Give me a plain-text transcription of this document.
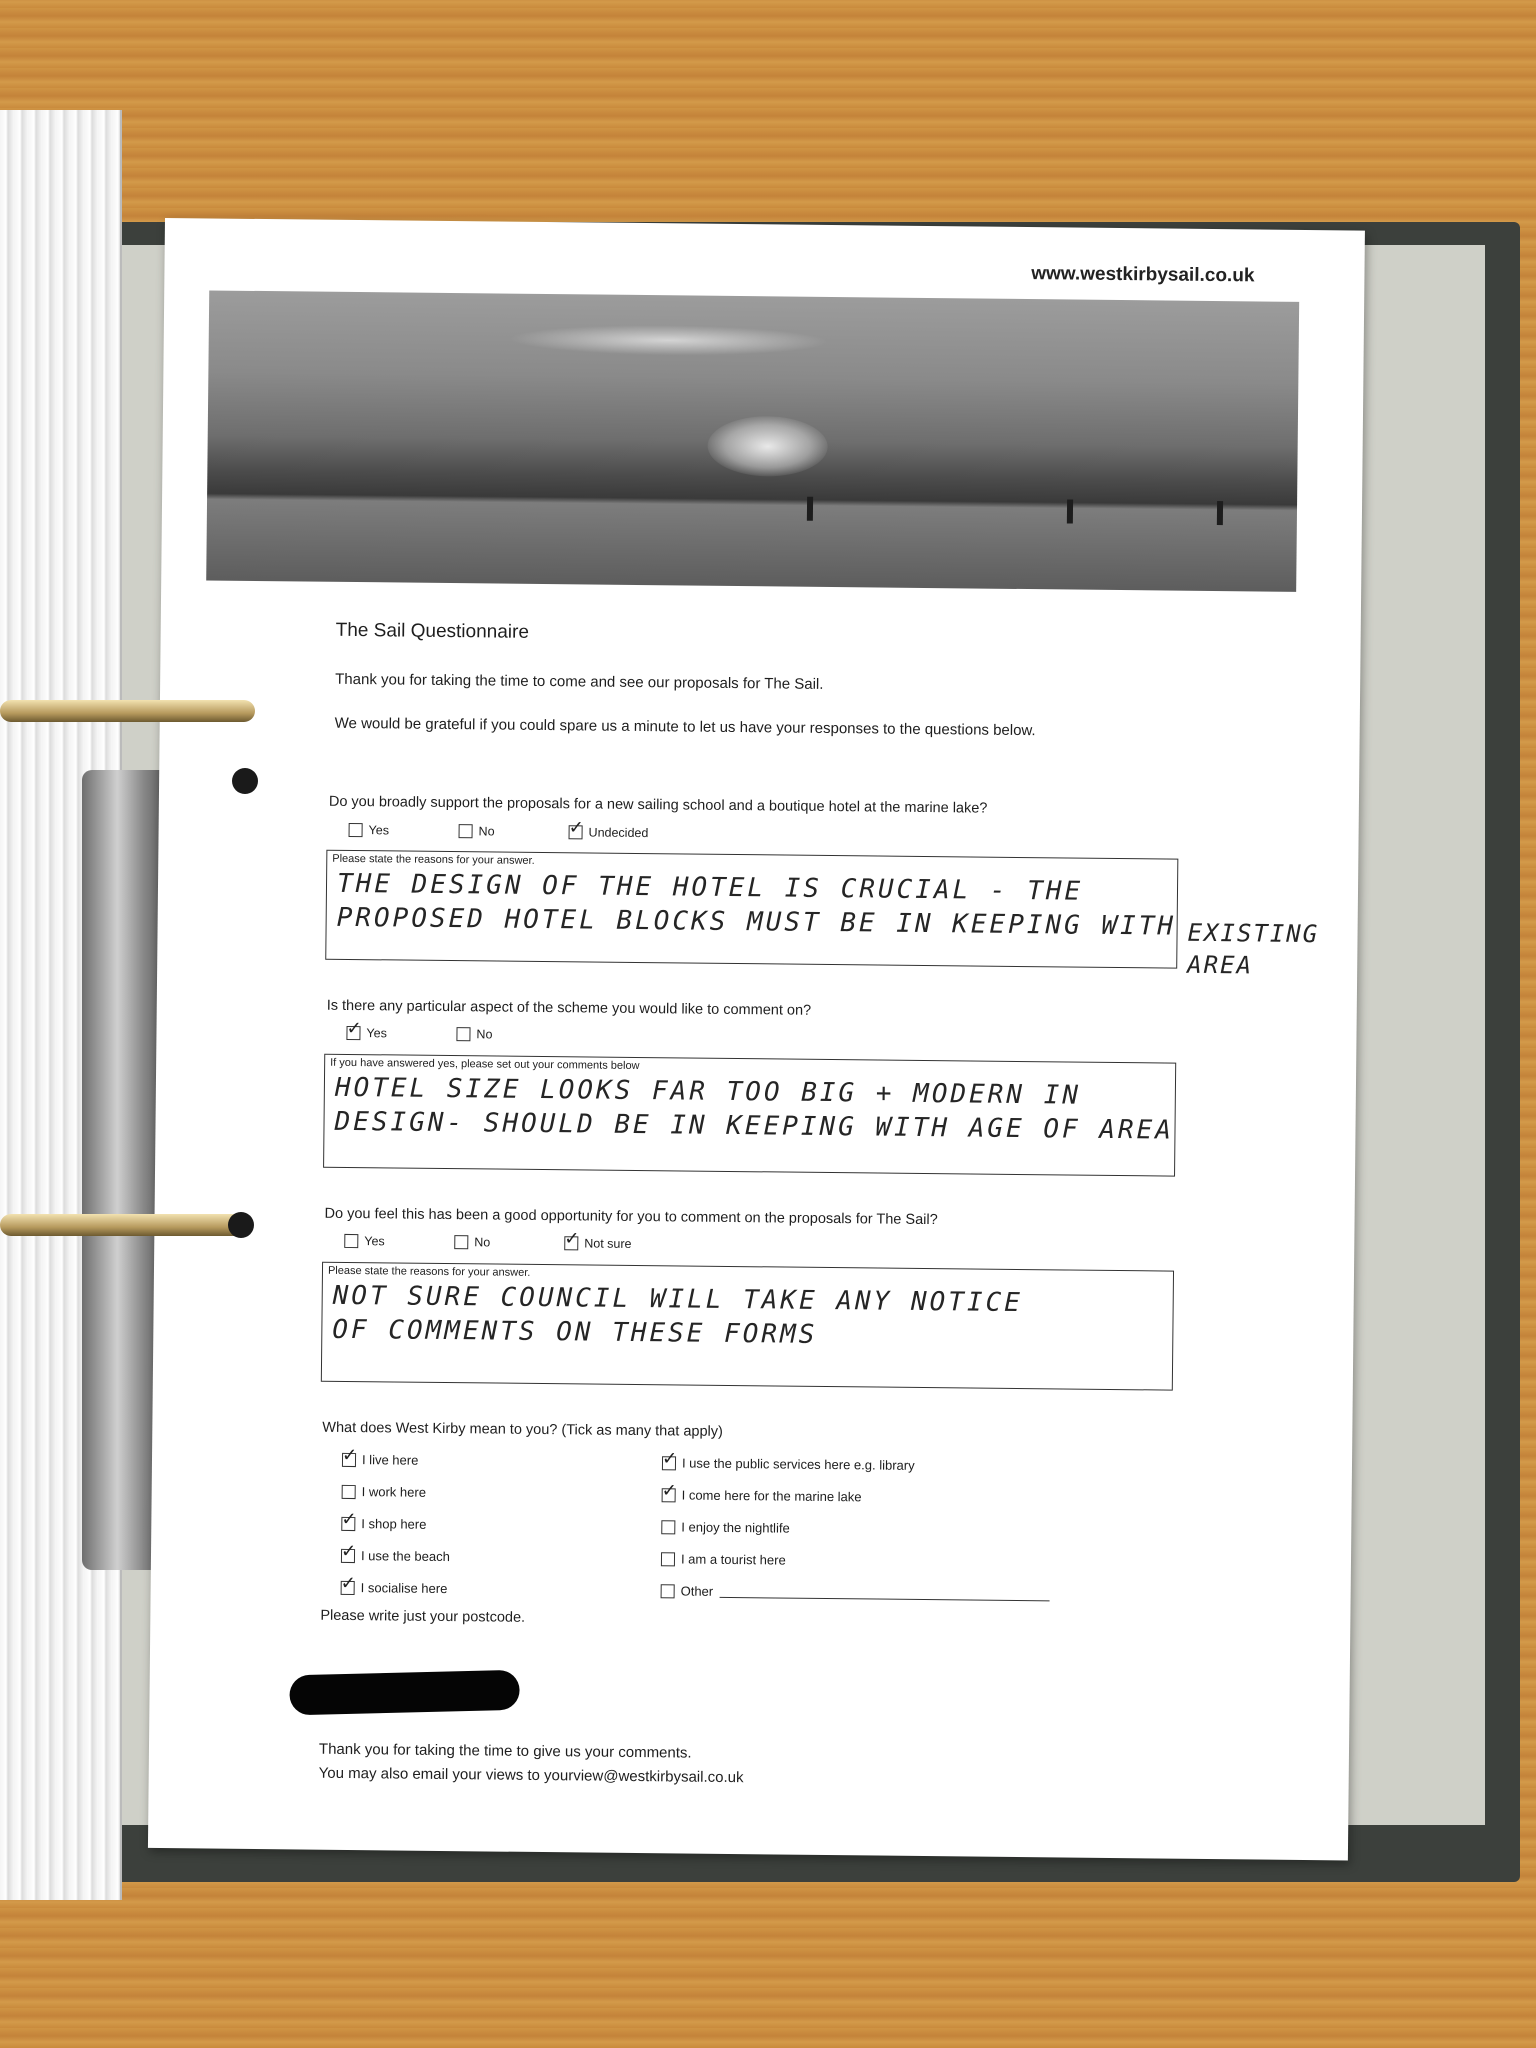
www.westkirbysail.co.uk
The Sail Questionnaire
Thank you for taking the time to come and see our proposals for The Sail.
We would be grateful if you could spare us a minute to let us have your responses to the questions below.
Do you broadly support the proposals for a new sailing school and a boutique hotel at the marine lake?
Yes	No ✓	Undecided
Please state the reasons for your answer.
THE DESIGN OF THE HOTEL IS CRUCIAL - THE
PROPOSED HOTEL BLOCKS MUST BE IN KEEPING WITH EXISTING
AREA
Is there any particular aspect of the scheme you would like to comment on?
✓
Yes	No
If you have answered yes, please set out your comments below
HOTEL SIZE LOOKS FAR TOO BIG + MODERN IN
DESIGN- SHOULD BE IN KEEPING WITH AGE OF AREA
Do you feel this has been a good opportunity for you to comment on the proposals for The Sail?
Yes	No ✓	Not sure
Please state the reasons for your answer.
NOT SURE COUNCIL WILL TAKE ANY NOTICE
OF COMMENTS ON THESE FORMS
What does West Kirby mean to you? (Tick as many that apply)
✓
I live here
I work here
✓
I shop here
✓
I use the beach
✓
I socialise here
✓
I use the public services here e.g. library
✓
I come here for the marine lake
I enjoy the nightlife
I am a tourist here
Other
Please write just your postcode.
Thank you for taking the time to give us your comments.
You may also email your views to yourview@westkirbysail.co.uk
